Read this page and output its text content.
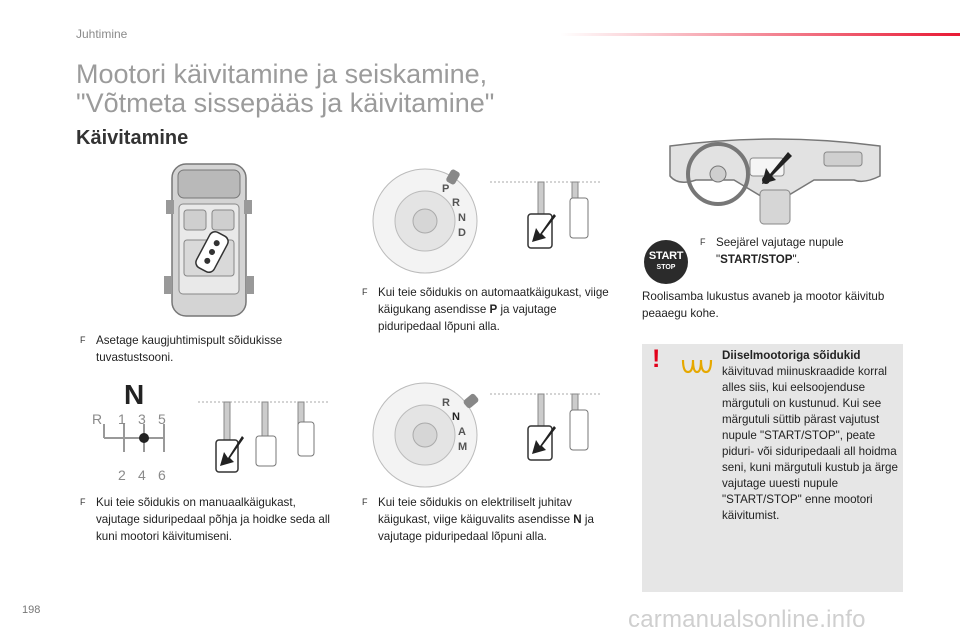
Juhtimine
Mootori käivitamine ja seiskamine,
"Võtmeta sissepääs ja käivitamine"
Käivitamine
F Asetage kaugjuhtimispult sõidukisse tuvastustsooni.
N
R 1 3 5
2 4 6
F Kui teie sõidukis on manuaalkäigukast, vajutage siduripedaal põhja ja hoidke seda all kuni mootori käivitumiseni.
P
R
N
D
F Kui teie sõidukis on automaatkäigukast, viige käigukang asendisse P ja vajutage piduripedaal lõpuni alla.
R
N
A
M
F Kui teie sõidukis on elektriliselt juhitav käigukast, viige käiguvalits asendisse N ja vajutage piduripedaal lõpuni alla.
START
STOP
F Seejärel vajutage nupule "START/STOP".
Roolisamba lukustus avaneb ja mootor käivitub peaaegu kohe.
!	Diiselmootoriga sõidukid
käivituvad miinuskraadide korral alles siis, kui eelsoojenduse märgutuli on kustunud. Kui see märgutuli süttib pärast vajutust nupule "START/STOP", peate piduri- või siduripedaali all hoidma seni, kuni märgutuli kustub ja ärge vajutage uuesti nupule "START/STOP" enne mootori käivitumist.
198	carmanualsonline.info
